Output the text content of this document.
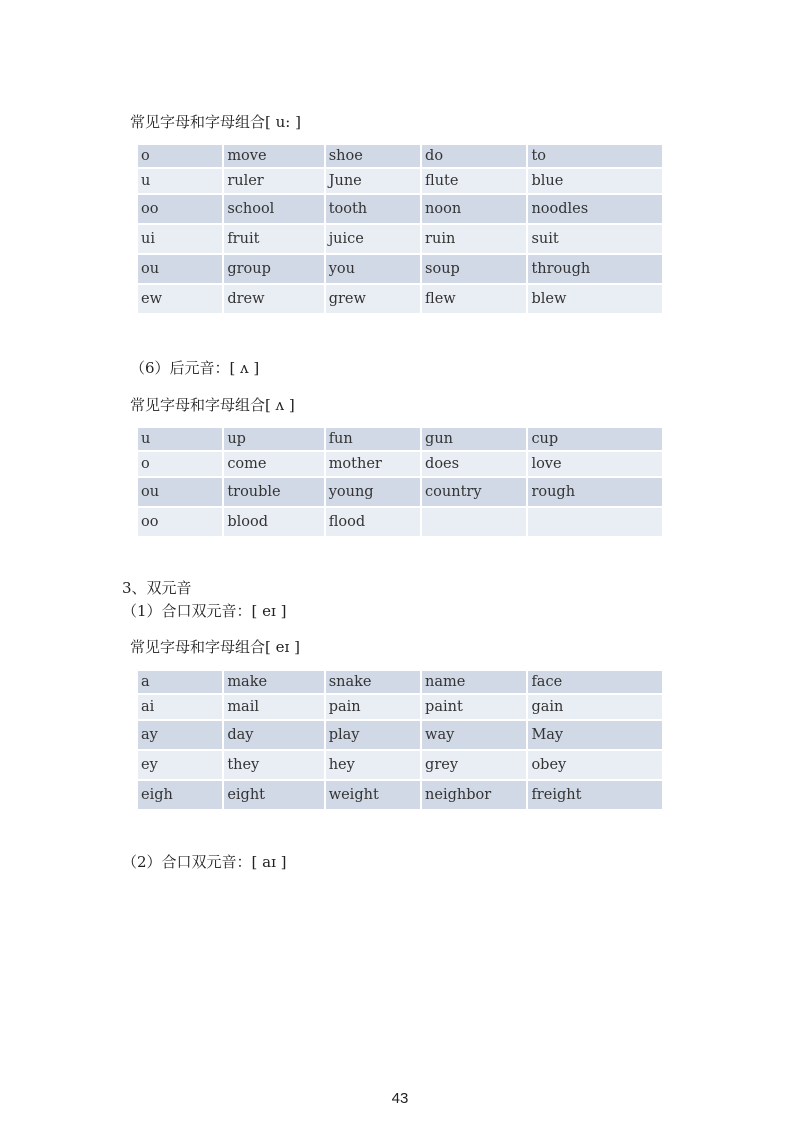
常见字母和字母组合[ u: ]
o	move	shoe	do	to
u	ruler	June	flute	blue
oo	school	tooth	noon	noodles
ui	fruit	juice	ruin	suit
ou	group	you	soup	through
ew	drew	grew	flew	blew
（6）后元音：[ ʌ ]
常见字母和字母组合[ ʌ ]
u	up	fun	gun	cup
o	come	mother	does	love
ou	trouble	young	country	rough
oo	blood	flood		
3、双元音
（1）合口双元音：[ eɪ ]
常见字母和字母组合[ eɪ ]
a	make	snake	name	face
ai	mail	pain	paint	gain
ay	day	play	way	May
ey	they	hey	grey	obey
eigh	eight	weight	neighbor	freight
（2）合口双元音：[ aɪ ]
43
